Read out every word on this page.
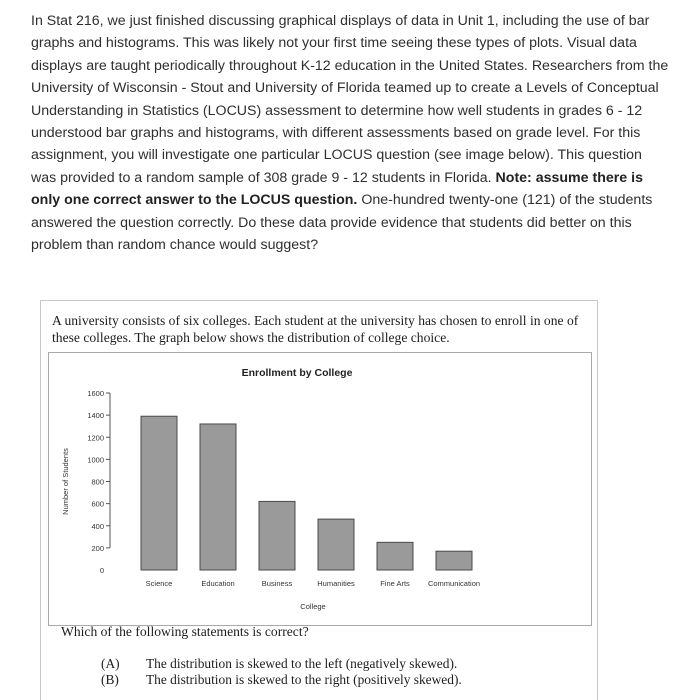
In Stat 216, we just finished discussing graphical displays of data in Unit 1, including the use of bar graphs and histograms. This was likely not your first time seeing these types of plots. Visual data displays are taught periodically throughout K-12 education in the United States. Researchers from the University of Wisconsin - Stout and University of Florida teamed up to create a Levels of Conceptual Understanding in Statistics (LOCUS) assessment to determine how well students in grades 6 - 12 understood bar graphs and histograms, with different assessments based on grade level. For this assignment, you will investigate one particular LOCUS question (see image below). This question was provided to a random sample of 308 grade 9 - 12 students in Florida. Note: assume there is only one correct answer to the LOCUS question. One-hundred twenty-one (121) of the students answered the question correctly. Do these data provide evidence that students did better on this problem than random chance would suggest?

A university consists of six colleges. Each student at the university has chosen to enroll in one of these colleges. The graph below shows the distribution of college choice.
Enrollment by College
0
200
400
600
800
1000
1200
1400
1600
Number of Students
Science	Education	Business	Humanities	Fine Arts Communication
College
Which of the following statements is correct?
(A) The distribution is skewed to the left (negatively skewed).
(B) The distribution is skewed to the right (positively skewed).
